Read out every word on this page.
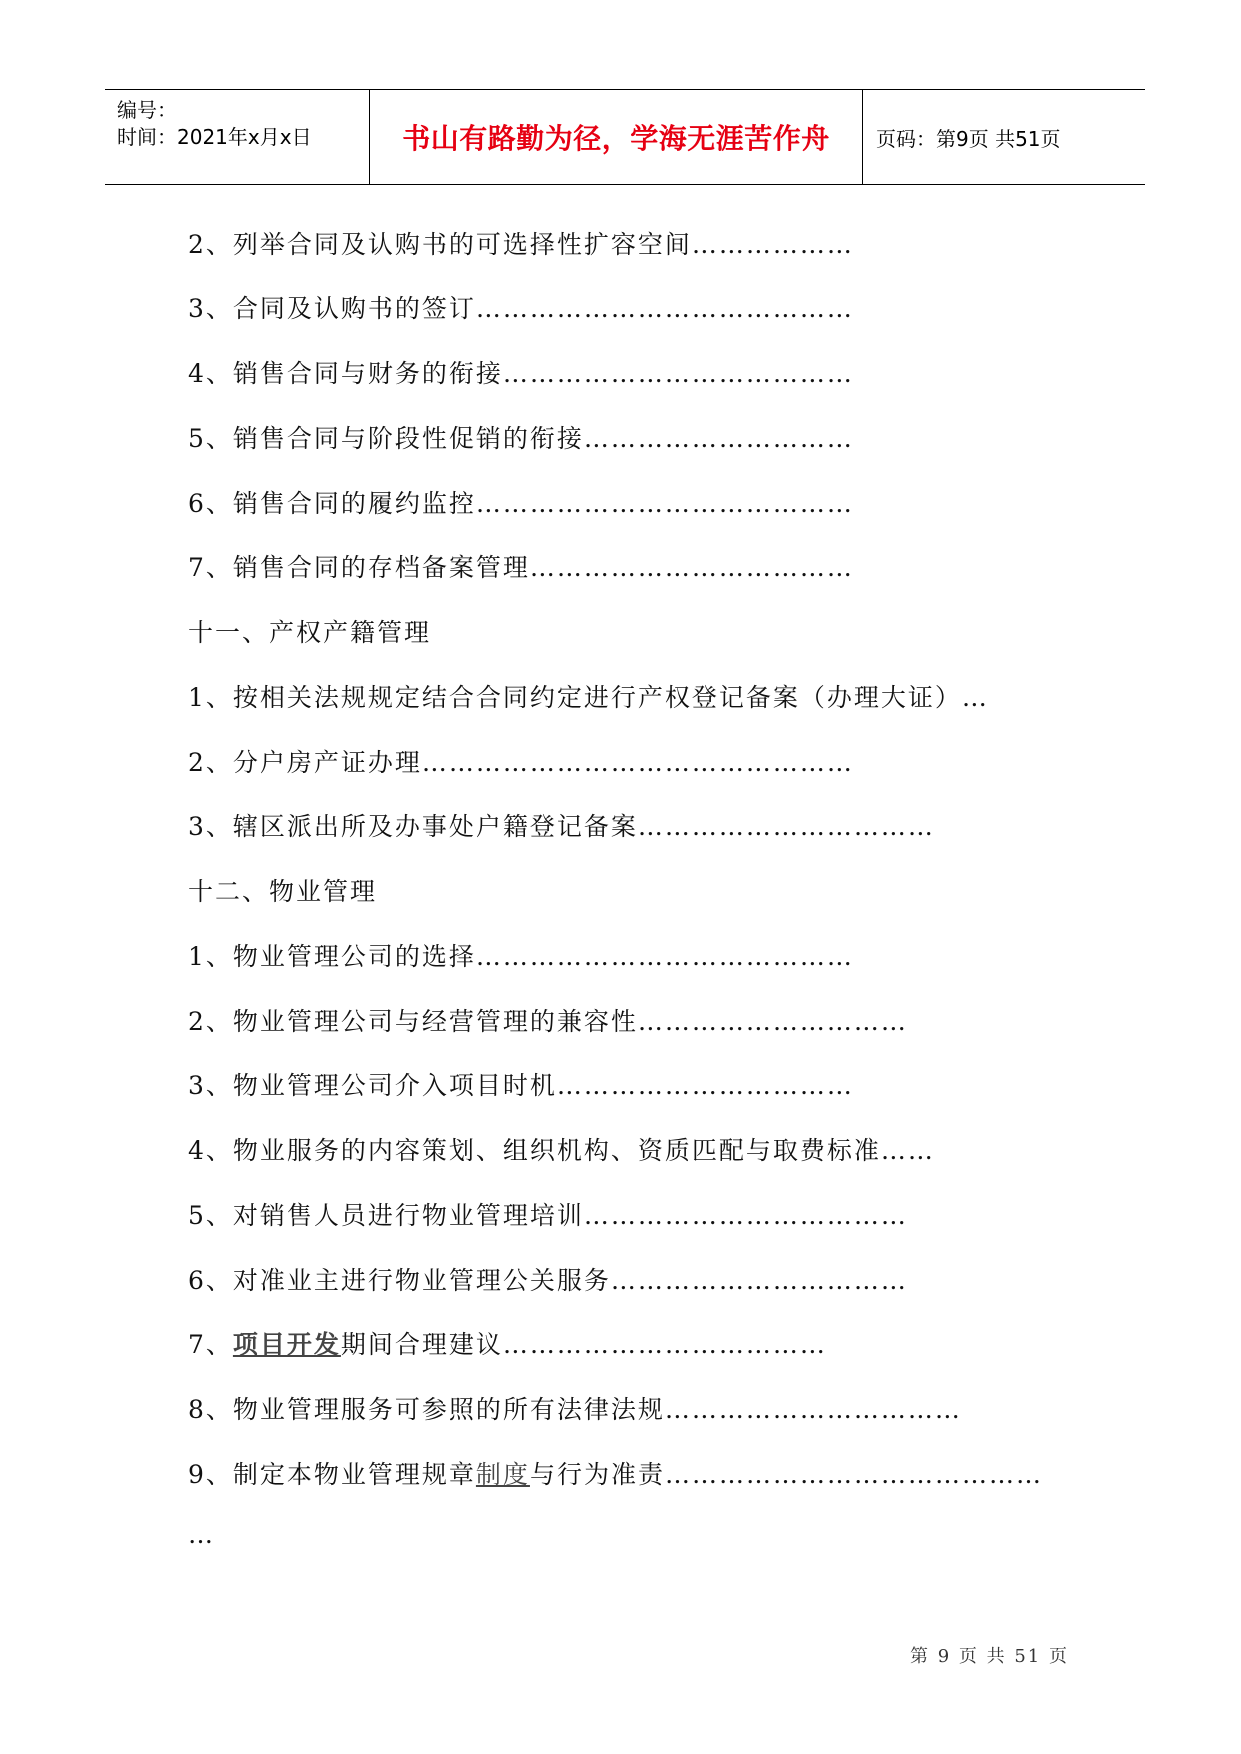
编号：
时间：2021年x月x日	书山有路勤为径，学海无涯苦作舟 页码：第9页 共51页
2、列举合同及认购书的可选择性扩容空间………………
3、合同及认购书的签订……………………………………
4、销售合同与财务的衔接…………………………………
5、销售合同与阶段性促销的衔接…………………………
6、销售合同的履约监控……………………………………
7、销售合同的存档备案管理………………………………
十一、产权产籍管理
1、按相关法规规定结合合同约定进行产权登记备案（办理大证）…
2、分户房产证办理…………………………………………
3、辖区派出所及办事处户籍登记备案……………………………
十二、物业管理
1、物业管理公司的选择……………………………………
2、物业管理公司与经营管理的兼容性…………………………
3、物业管理公司介入项目时机……………………………
4、物业服务的内容策划、组织机构、资质匹配与取费标准……
5、对销售人员进行物业管理培训………………………………
6、对准业主进行物业管理公关服务……………………………
7、项目开发期间合理建议………………………………
8、物业管理服务可参照的所有法律法规……………………………
9、制定本物业管理规章制度与行为准责……………………………………
…
第 9 页 共 51 页
